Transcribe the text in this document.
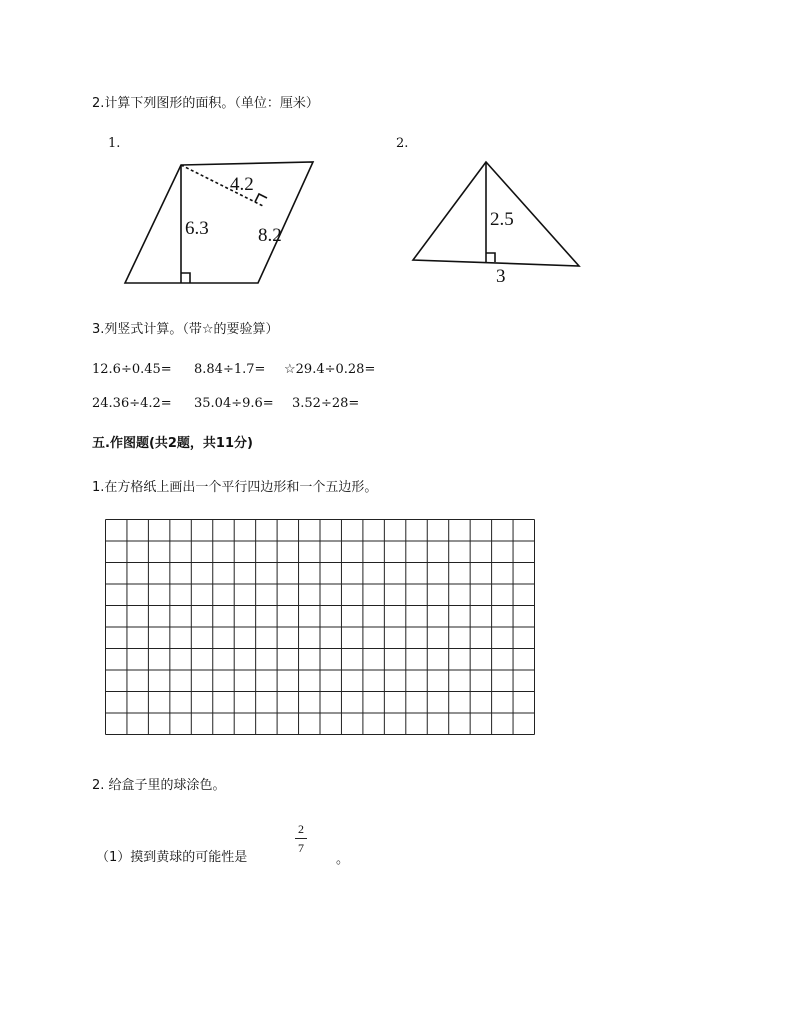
2.计算下列图形的面积。（单位：厘米）
1.	2.
6.3	8.2
4.2
2.5
3
3.列竖式计算。（带☆的要验算）
12.6÷0.45= 8.84÷1.7= ☆29.4÷0.28=
24.36÷4.2= 35.04÷9.6= 3.52÷28=
五.作图题(共2题，共11分)
1.在方格纸上画出一个平行四边形和一个五边形。
2. 给盒子里的球涂色。
（1）摸到黄球的可能性是
2
7
。
